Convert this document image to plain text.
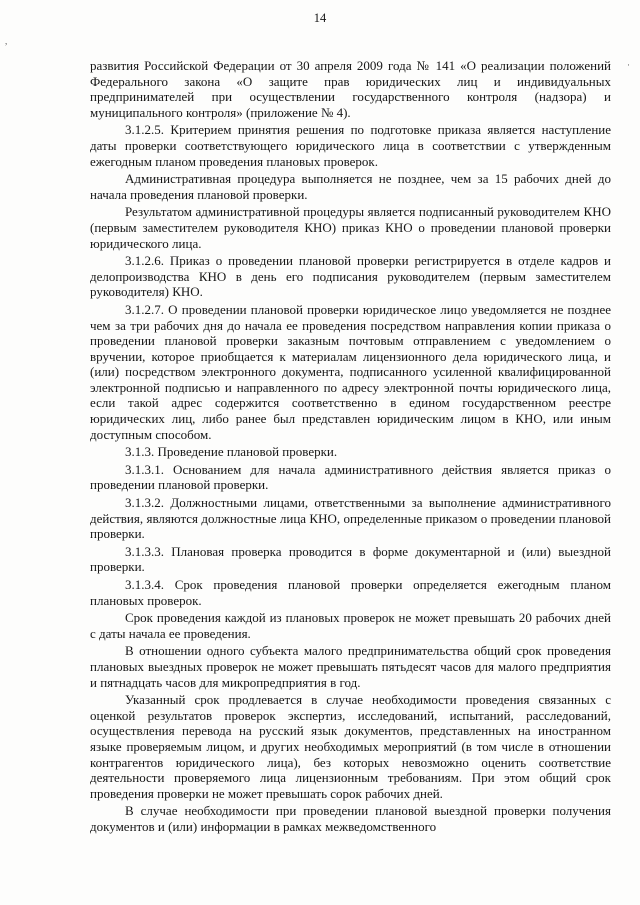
,
·
14

развития Российской Федерации от 30 апреля 2009 года № 141 «О реализации положений Федерального закона «О защите прав юридических лиц и индивидуальных предпринимателей при осуществлении государственного контроля (надзора) и муниципального контроля» (приложение № 4).

3.1.2.5. Критерием принятия решения по подготовке приказа является наступление даты проверки соответствующего юридического лица в соответствии с утвержденным ежегодным планом проведения плановых проверок.

Административная процедура выполняется не позднее, чем за 15 рабочих дней до начала проведения плановой проверки.

Результатом административной процедуры является подписанный руководителем КНО (первым заместителем руководителя КНО) приказ КНО о проведении плановой проверки юридического лица.

3.1.2.6. Приказ о проведении плановой проверки регистрируется в отделе кадров и делопроизводства КНО в день его подписания руководителем (первым заместителем руководителя) КНО.

3.1.2.7. О проведении плановой проверки юридическое лицо уведомляется не позднее чем за три рабочих дня до начала ее проведения посредством направления копии приказа о проведении плановой проверки заказным почтовым отправлением с уведомлением о вручении, которое приобщается к материалам лицензионного дела юридического лица, и (или) посредством электронного документа, подписанного усиленной квалифицированной электронной подписью и направленного по адресу электронной почты юридического лица, если такой адрес содержится соответственно в едином государственном реестре юридических лиц, либо ранее был представлен юридическим лицом в КНО, или иным доступным способом.

3.1.3. Проведение плановой проверки.

3.1.3.1. Основанием для начала административного действия является приказ о проведении плановой проверки.

3.1.3.2. Должностными лицами, ответственными за выполнение административного действия, являются должностные лица КНО, определенные приказом о проведении плановой проверки.

3.1.3.3. Плановая проверка проводится в форме документарной и (или) выездной проверки.

3.1.3.4. Срок проведения плановой проверки определяется ежегодным планом плановых проверок.

Срок проведения каждой из плановых проверок не может превышать 20 рабочих дней с даты начала ее проведения.

В отношении одного субъекта малого предпринимательства общий срок проведения плановых выездных проверок не может превышать пятьдесят часов для малого предприятия и пятнадцать часов для микропредприятия в год.

Указанный срок продлевается в случае необходимости проведения связанных с оценкой результатов проверок экспертиз, исследований, испытаний, расследований, осуществления перевода на русский язык документов, представленных на иностранном языке проверяемым лицом, и других необходимых мероприятий (в том числе в отношении контрагентов юридического лица), без которых невозможно оценить соответствие деятельности проверяемого лица лицензионным требованиям. При этом общий срок проведения проверки не может превышать сорок рабочих дней.

В случае необходимости при проведении плановой выездной проверки получения документов и (или) информации в рамках межведомственного
